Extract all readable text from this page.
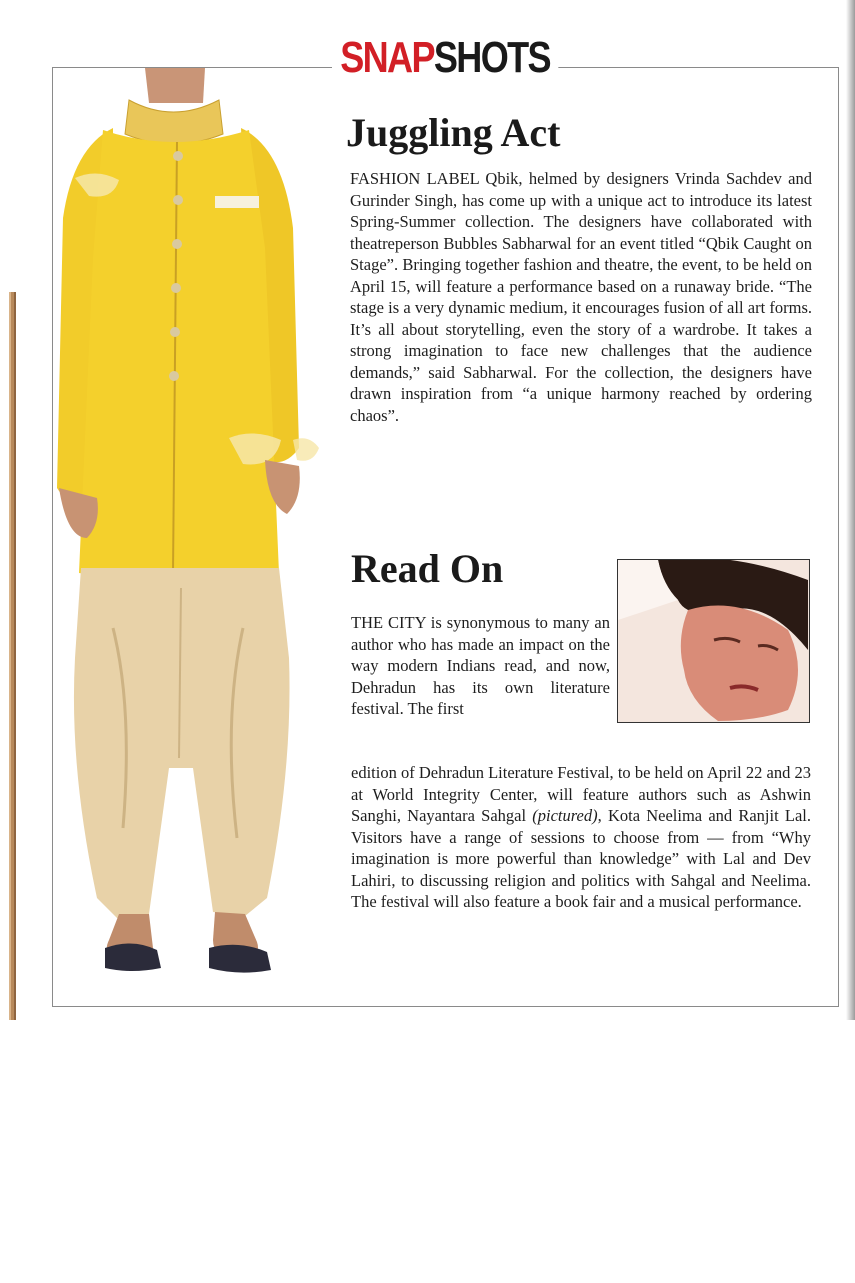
SNAPSHOTS
Juggling Act

FASHION LABEL Qbik, helmed by designers Vrinda Sachdev and Gurinder Singh, has come up with a unique act to introduce its latest Spring-Summer collection. The designers have collaborated with theatreperson Bubbles Sabharwal for an event titled “Qbik Caught on Stage”. Bringing together fashion and theatre, the event, to be held on April 15, will feature a performance based on a runaway bride. “The stage is a very dynamic medium, it encourages fusion of all art forms. It’s all about storytelling, even the story of a wardrobe. It takes a strong imagination to face new challenges that the audience demands,” said Sabharwal. For the collection, the designers have drawn inspiration from “a unique harmony reached by ordering chaos”.

Read On

THE CITY is synonymous to many an author who has made an impact on the way modern Indians read, and now, Dehradun has its own literature festival. The first

edition of Dehradun Literature Festival, to be held on April 22 and 23 at World Integrity Center, will feature authors such as Ashwin Sanghi, Nayantara Sahgal (pictured), Kota Neelima and Ranjit Lal. Visitors have a range of sessions to choose from — from “Why imagination is more powerful than knowledge” with Lal and Dev Lahiri, to discussing religion and politics with Sahgal and Neelima. The festival will also feature a book fair and a musical performance.
